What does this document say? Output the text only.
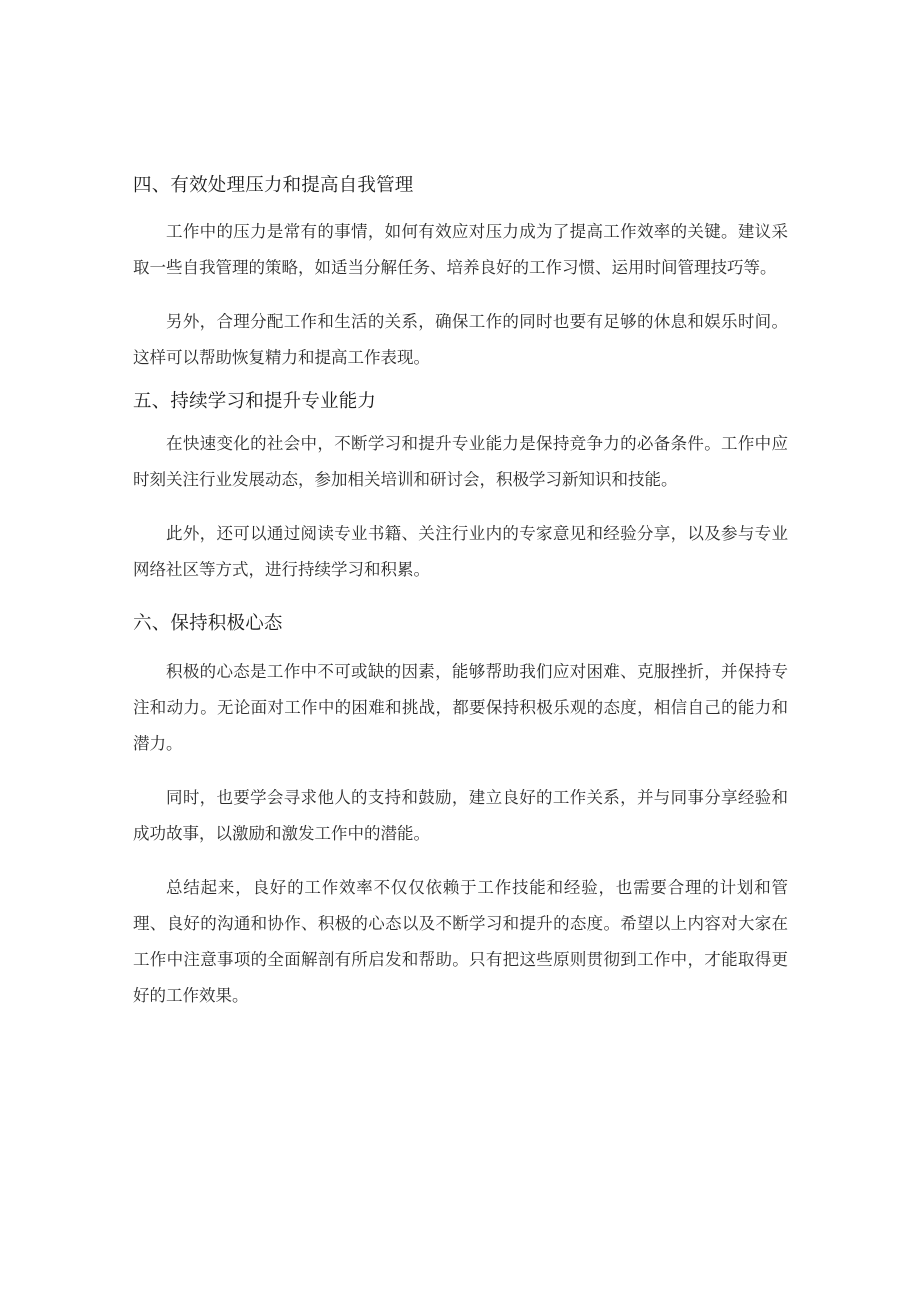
四、有效处理压力和提高自我管理

工作中的压力是常有的事情，如何有效应对压力成为了提高工作效率的关键。建议采取一些自我管理的策略，如适当分解任务、培养良好的工作习惯、运用时间管理技巧等。

另外，合理分配工作和生活的关系，确保工作的同时也要有足够的休息和娱乐时间。这样可以帮助恢复精力和提高工作表现。

五、持续学习和提升专业能力

在快速变化的社会中，不断学习和提升专业能力是保持竞争力的必备条件。工作中应时刻关注行业发展动态，参加相关培训和研讨会，积极学习新知识和技能。

此外，还可以通过阅读专业书籍、关注行业内的专家意见和经验分享，以及参与专业网络社区等方式，进行持续学习和积累。

六、保持积极心态

积极的心态是工作中不可或缺的因素，能够帮助我们应对困难、克服挫折，并保持专注和动力。无论面对工作中的困难和挑战，都要保持积极乐观的态度，相信自己的能力和潜力。

同时，也要学会寻求他人的支持和鼓励，建立良好的工作关系，并与同事分享经验和成功故事，以激励和激发工作中的潜能。

总结起来，良好的工作效率不仅仅依赖于工作技能和经验，也需要合理的计划和管理、良好的沟通和协作、积极的心态以及不断学习和提升的态度。希望以上内容对大家在工作中注意事项的全面解剖有所启发和帮助。只有把这些原则贯彻到工作中，才能取得更好的工作效果。
